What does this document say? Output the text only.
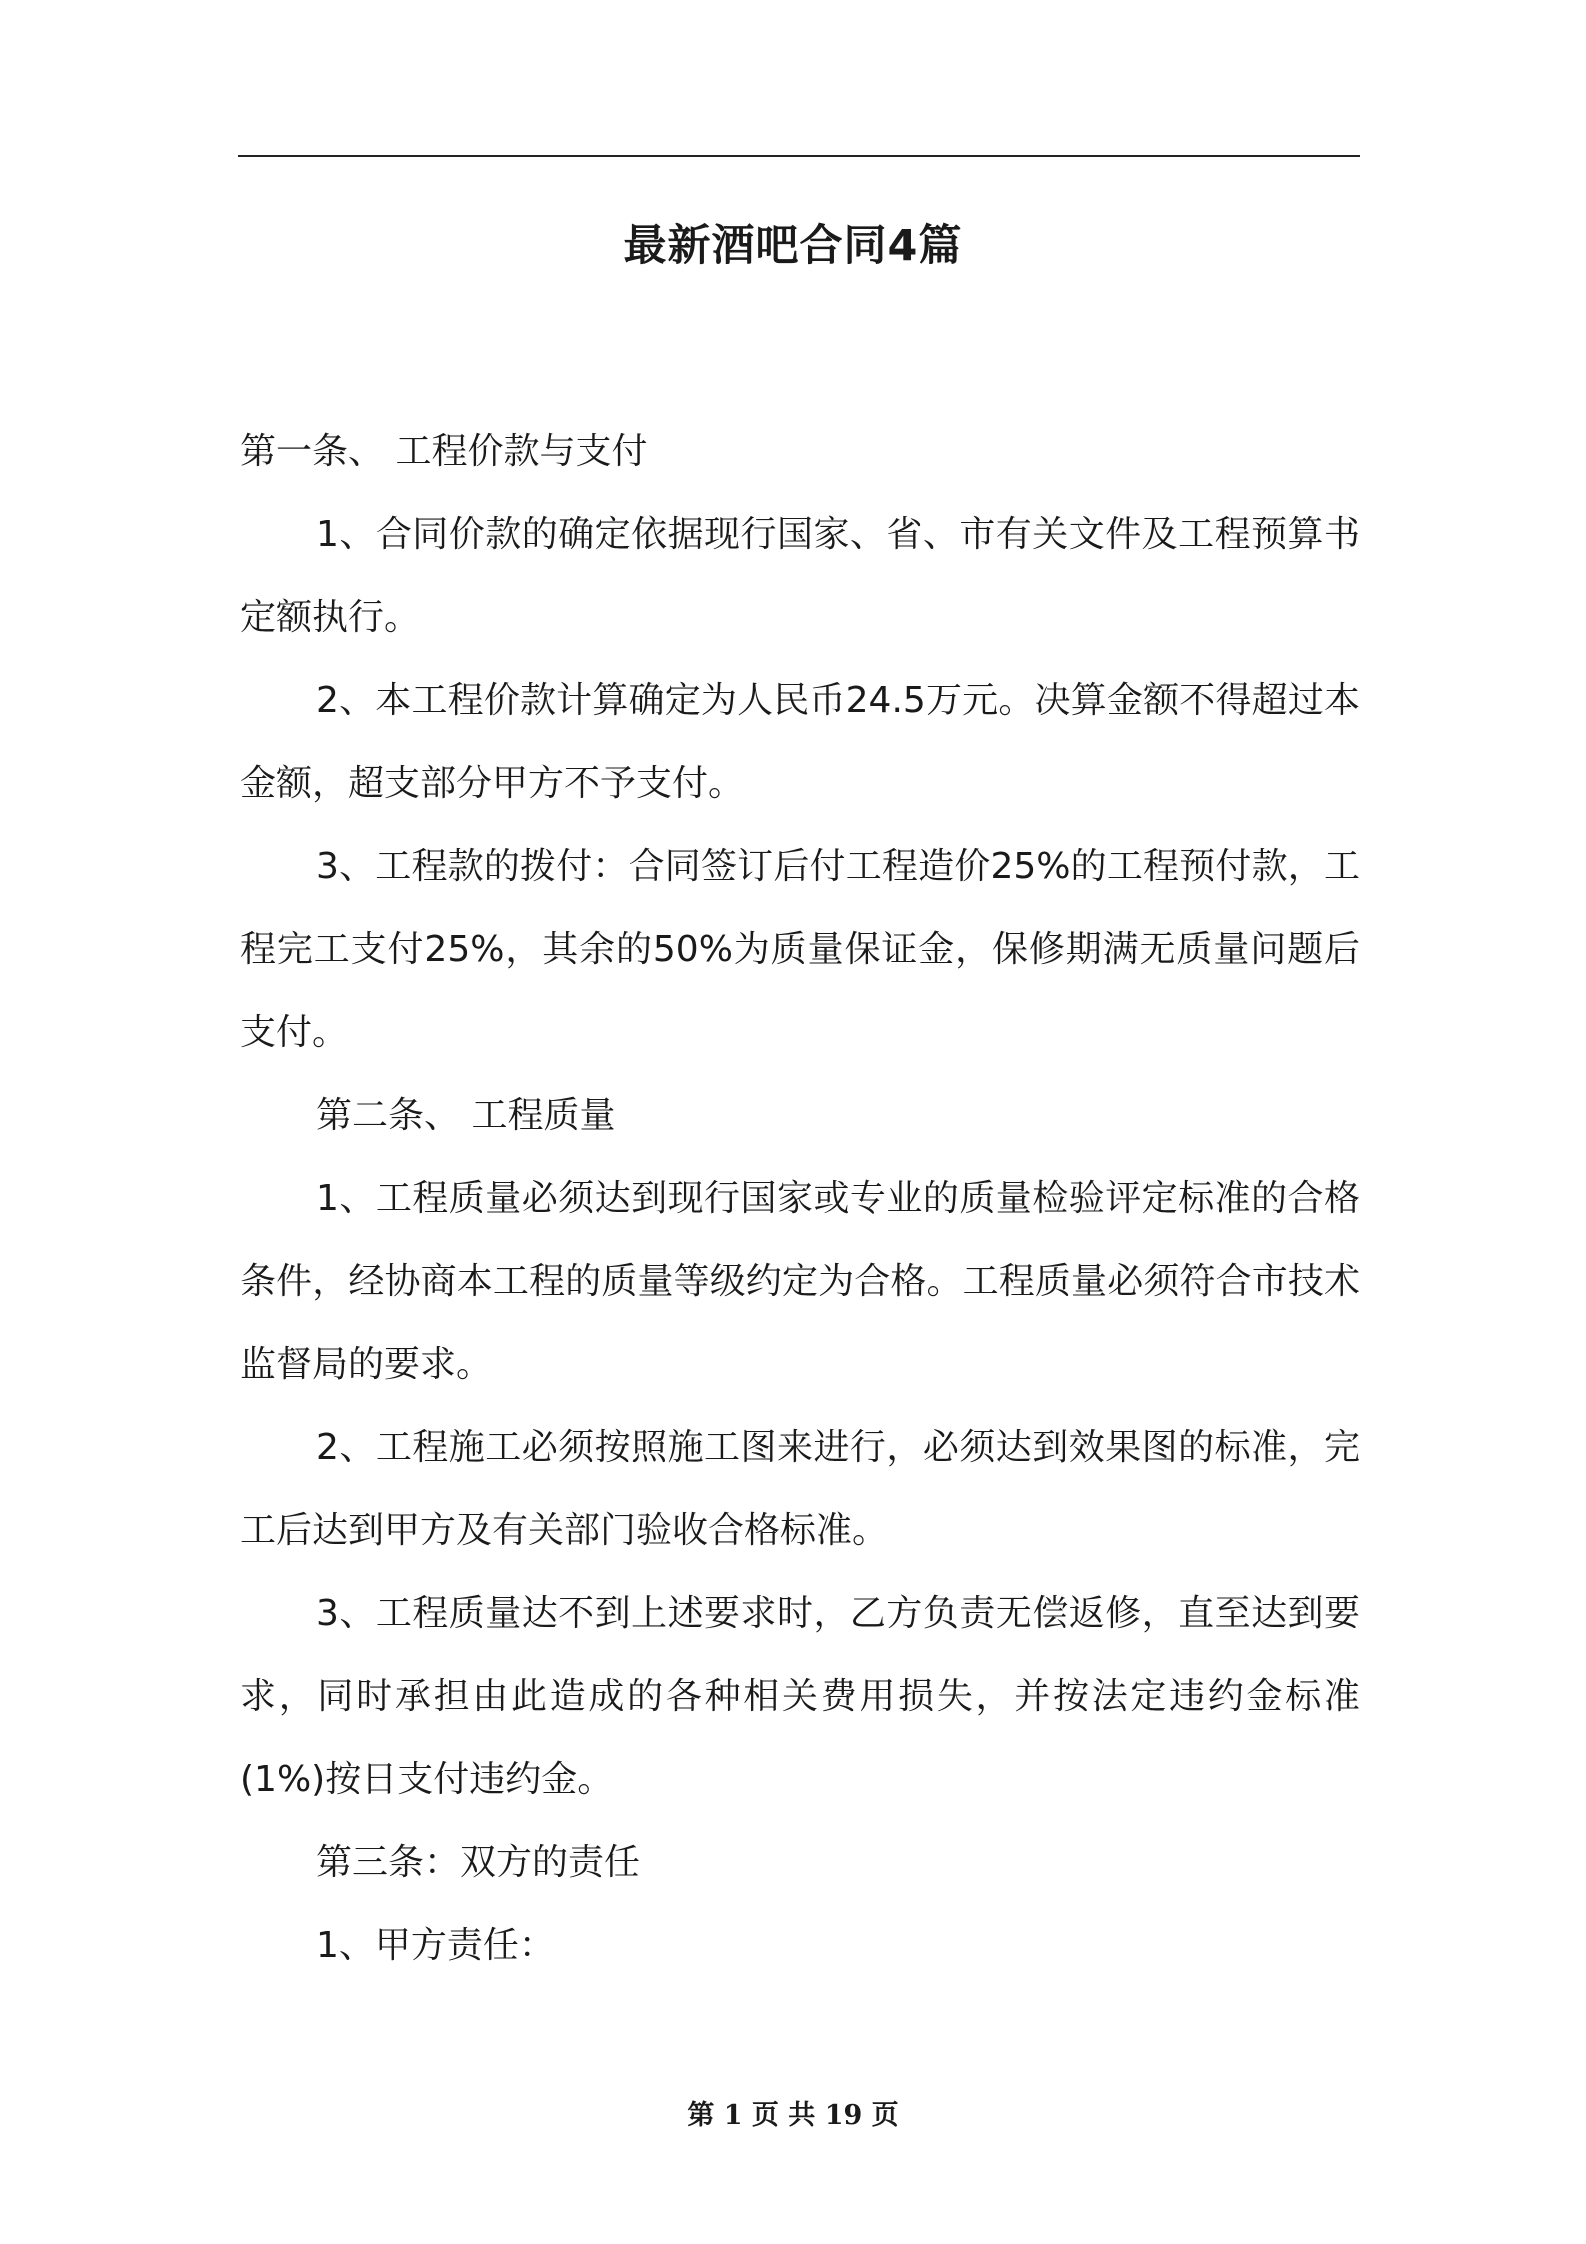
最新酒吧合同4篇

第一条、 工程价款与支付

1、合同价款的确定依据现行国家、省、市有关文件及工程预算书定额执行。

2、本工程价款计算确定为人民币24.5万元。决算金额不得超过本金额，超支部分甲方不予支付。

3、工程款的拨付：合同签订后付工程造价25%的工程预付款，工程完工支付25%，其余的50%为质量保证金，保修期满无质量问题后支付。

第二条、 工程质量

1、工程质量必须达到现行国家或专业的质量检验评定标准的合格条件，经协商本工程的质量等级约定为合格。工程质量必须符合市技术监督局的要求。

2、工程施工必须按照施工图来进行，必须达到效果图的标准，完工后达到甲方及有关部门验收合格标准。

3、工程质量达不到上述要求时，乙方负责无偿返修，直至达到要求，同时承担由此造成的各种相关费用损失，并按法定违约金标准(1%)按日支付违约金。

第三条：双方的责任

1、甲方责任：

第 1 页 共 19 页
